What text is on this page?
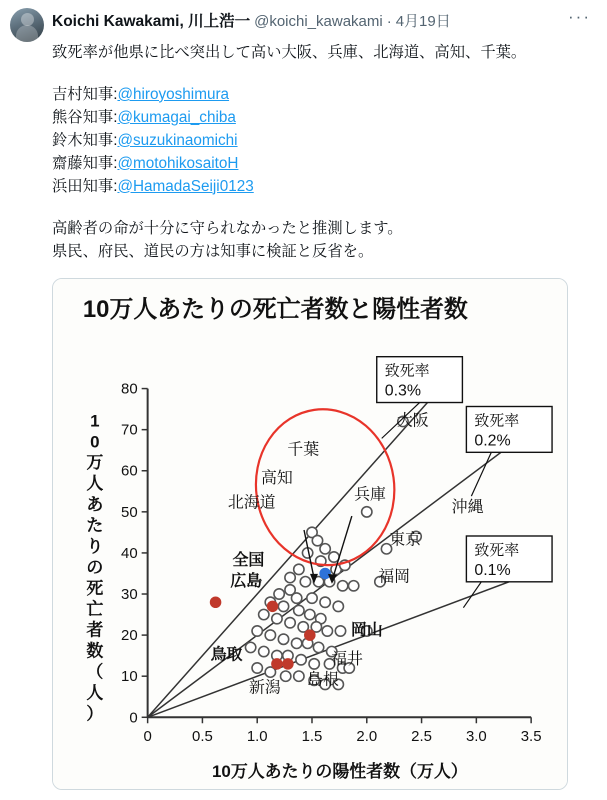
Koichi Kawakami, 川上浩一 @koichi_kawakami · 4月19日	···

致死率が他県に比べ突出して高い大阪、兵庫、北海道、高知、千葉。

吉村知事:@hiroyoshimura

熊谷知事:@kumagai_chiba

鈴木知事:@suzukinaomichi

齋藤知事:@motohikosaitoH

浜田知事:@HamadaSeiji0123

高齢者の命が十分に守られなかったと推測します。

県民、府民、道民の方は知事に検証と反省を。

10万人あたりの死亡者数と陽性者数
0
10
20
30
40
50
60
70
80
0	0.5 1.0 1.5 2.0 2.5 3.0 3.5
千葉
高知
大阪
兵庫
北海道	沖縄
東京
福岡
全国
広島
岡山
鳥取	福井
島根
新潟
致死率
0.3%
致死率
0.2%
致死率
0.1%
10万人あたりの陽性者数（万人）
1
0
万
人
あ
た
り
の
死
亡
者
数
（
人
）
